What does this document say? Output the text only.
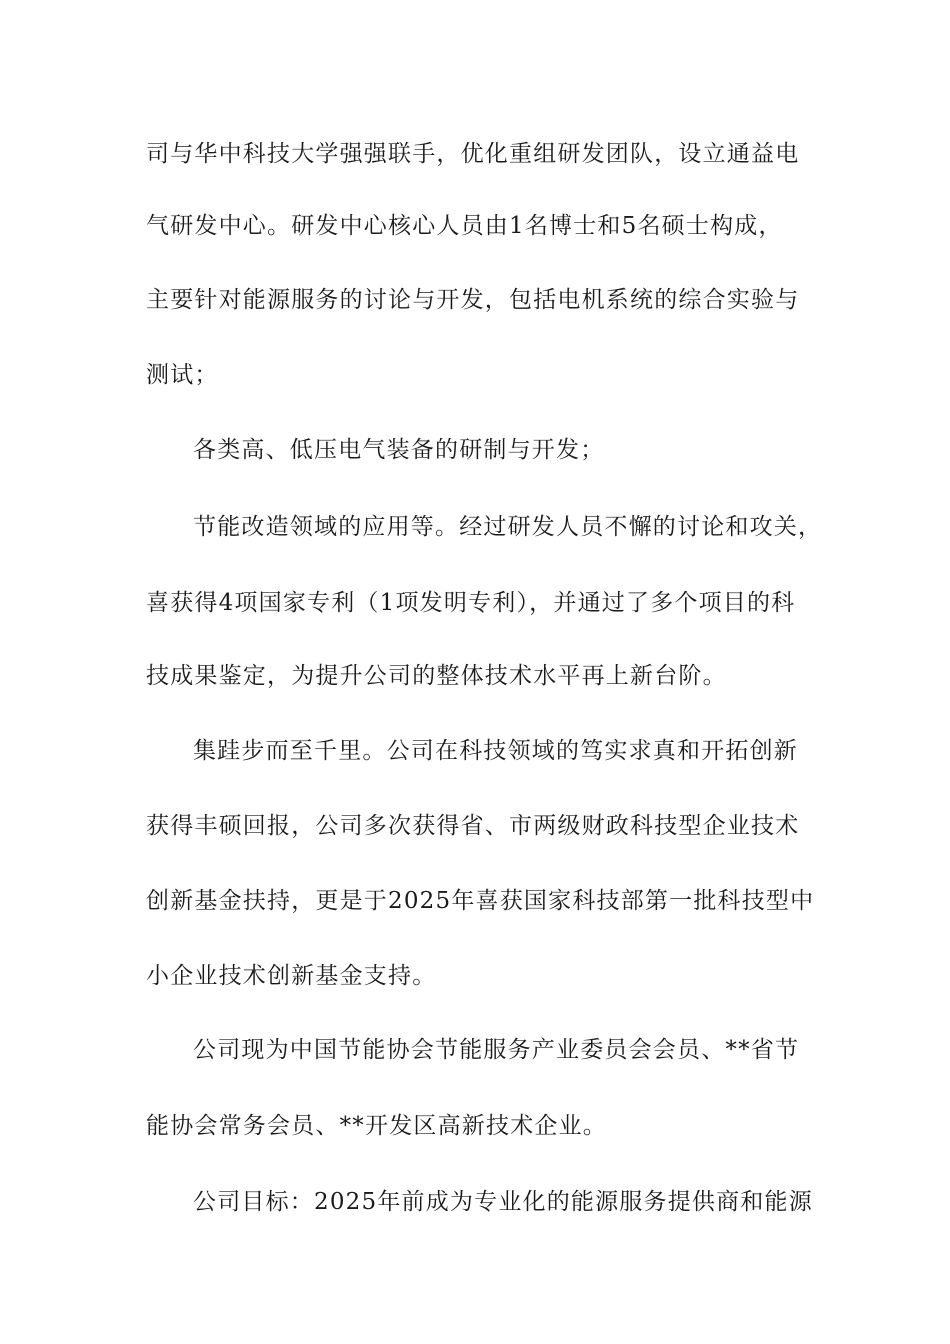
司与华中科技大学强强联手，优化重组研发团队，设立通益电
气研发中心。研发中心核心人员由1名博士和5名硕士构成，
主要针对能源服务的讨论与开发，包括电机系统的综合实验与
测试；
各类高、低压电气装备的研制与开发；
节能改造领域的应用等。经过研发人员不懈的讨论和攻关，
喜获得4项国家专利（1项发明专利），并通过了多个项目的科
技成果鉴定，为提升公司的整体技术水平再上新台阶。
集跬步而至千里。公司在科技领域的笃实求真和开拓创新
获得丰硕回报，公司多次获得省、市两级财政科技型企业技术
创新基金扶持，更是于2025年喜获国家科技部第一批科技型中
小企业技术创新基金支持。
公司现为中国节能协会节能服务产业委员会会员、**省节
能协会常务会员、**开发区高新技术企业。
公司目标：2025年前成为专业化的能源服务提供商和能源
